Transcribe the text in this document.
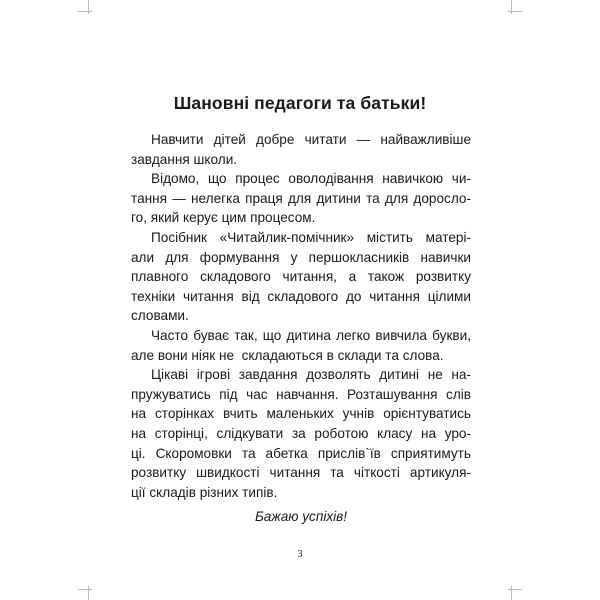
Шановні педагоги та батьки!

Навчити дітей добре читати — найважливіше
завдання школи.

Відомо, що процес оволодівання навичкою чи-
тання — нелегка праця для дитини та для доросло-
го, який керує цим процесом.

Посібник «Читайлик-помічник» містить матері-
али для формування у першокласників навички
плавного складового читання, а також розвитку
техніки читання від складового до читання цілими
словами.

Часто буває так, що дитина легко вивчила букви,
але вони ніяк не  складаються в склади та слова.

Цікаві ігрові завдання дозволять дитині не на-
пружуватись під час навчання. Розташування слів
на сторінках вчить маленьких учнів орієнтуватись
на сторінці, слідкувати за роботою класу на уро-
ці. Скоромовки та абетка прислів`їв сприятимуть
розвитку швидкості читання та чіткості артикуля-
ції складів різних типів.

Бажаю успіхів!

3
